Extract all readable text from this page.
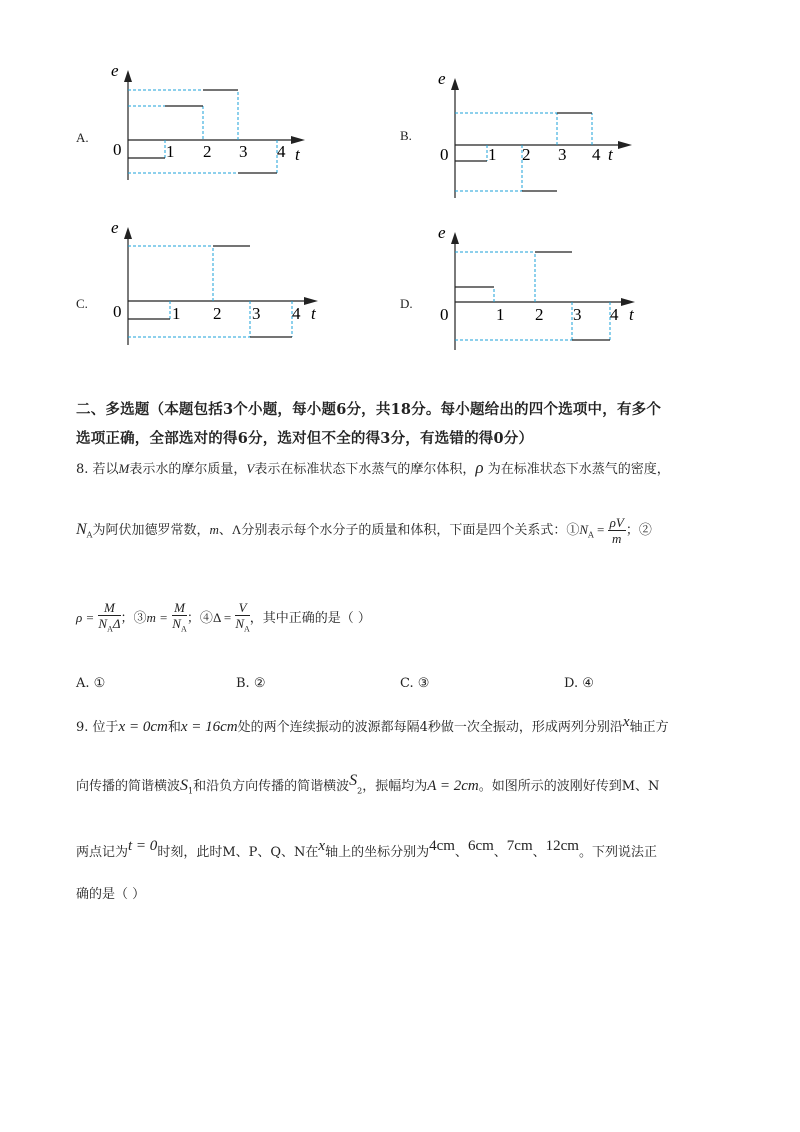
A.
e
t
0	1 2 3 4
B.
e
t
0 1 2 3 4
C.
e
t
0	1 2 3 4
D.
e
t
0	1 2 3 4
二、多选题（本题包括3个小题，每小题6分，共18分。每小题给出的四个选项中，有多个
选项正确，全部选对的得6分，选对但不全的得3分，有选错的得0分）
8. 若以M表示水的摩尔质量，V表示在标准状态下水蒸气的摩尔体积，ρ 为在标准状态下水蒸气的密度，
$N_A$为阿伏加德罗常数，m、Λ分别表示每个水分子的质量和体积，下面是四个关系式：$①N_A = \frac{\rho V}{m}$ ；②
$\rho = \frac{M}{N_A\Delta}$ ；③m = $\frac{M}{N_A}$ ；④Δ = $\frac{V}{N_A}$ ，其中正确的是（ ）
A. ①	B. ②	C. ③	D. ④
9. 位于x = 0cm和x = 16cm处的两个连续振动的波源都每隔4秒做一次全振动，形成两列分别沿x轴正方
向传播的简谐横波$S_1$和沿负方向传播的简谐横波$S_2$，振幅均为A = 2cm。如图所示的波刚好传到M、N
两点记为t = 0时刻，此时M、P、Q、N在x轴上的坐标分别为4cm、6cm、7cm、12cm。下列说法正
确的是（ ）
